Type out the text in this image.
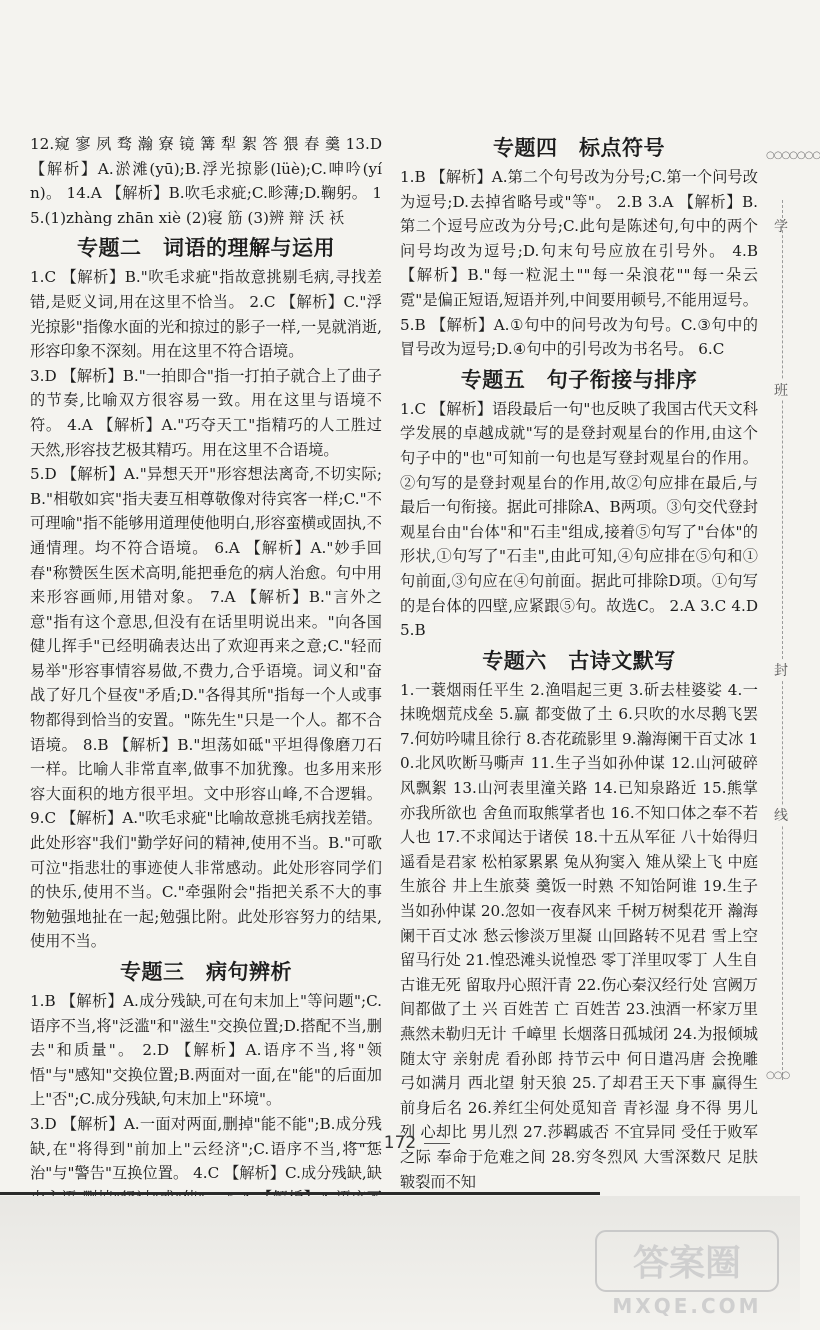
12.窥 寥 夙 骛 瀚 寮 镜 篝 犁 絮 答 猥 春 羹 13.D 【解析】A.淤滩(yū);B.浮光掠影(lüè);C.呻吟(yín)。 14.A 【解析】B.吹毛求疵;C.畛薄;D.鞠躬。 15.(1)zhàng zhān xiè (2)寝 筋 (3)辨 辩 沃 袄

专题二　词语的理解与运用

1.C 【解析】B."吹毛求疵"指故意挑剔毛病,寻找差错,是贬义词,用在这里不恰当。 2.C 【解析】C."浮光掠影"指像水面的光和掠过的影子一样,一晃就消逝,形容印象不深刻。用在这里不符合语境。

3.D 【解析】B."一拍即合"指一打拍子就合上了曲子的节奏,比喻双方很容易一致。用在这里与语境不符。 4.A 【解析】A."巧夺天工"指精巧的人工胜过天然,形容技艺极其精巧。用在这里不合语境。

5.D 【解析】A."异想天开"形容想法离奇,不切实际;B."相敬如宾"指夫妻互相尊敬像对待宾客一样;C."不可理喻"指不能够用道理使他明白,形容蛮横或固执,不通情理。均不符合语境。 6.A 【解析】A."妙手回春"称赞医生医术高明,能把垂危的病人治愈。句中用来形容画师,用错对象。 7.A 【解析】B."言外之意"指有这个意思,但没有在话里明说出来。"向各国健儿挥手"已经明确表达出了欢迎再来之意;C."轻而易举"形容事情容易做,不费力,合乎语境。词义和"奋战了好几个昼夜"矛盾;D."各得其所"指每一个人或事物都得到恰当的安置。"陈先生"只是一个人。都不合语境。 8.B 【解析】B."坦荡如砥"平坦得像磨刀石一样。比喻人非常直率,做事不加犹豫。也多用来形容大面积的地方很平坦。文中形容山峰,不合逻辑。 9.C 【解析】A."吹毛求疵"比喻故意挑毛病找差错。此处形容"我们"勤学好问的精神,使用不当。B."可歌可泣"指悲壮的事迹使人非常感动。此处形容同学们的快乐,使用不当。C."牵强附会"指把关系不大的事物勉强地扯在一起;勉强比附。此处形容努力的结果,使用不当。

专题三　病句辨析

1.B 【解析】A.成分残缺,可在句末加上"等问题";C.语序不当,将"泛滥"和"滋生"交换位置;D.搭配不当,删去"和质量"。 2.D 【解析】A.语序不当,将"领悟"与"感知"交换位置;B.两面对一面,在"能"的后面加上"否";C.成分残缺,句末加上"环境"。

3.D 【解析】A.一面对两面,删掉"能不能";B.成分残缺,在"将得到"前加上"云经济";C.语序不当,将"惩治"与"警告"互换位置。 4.C 【解析】C.成分残缺,缺

专题四　标点符号

1.B 【解析】A.第二个句号改为分号;C.第一个问号改为逗号;D.去掉省略号或"等"。 2.B 3.A 【解析】B.第二个逗号应改为分号;C.此句是陈述句,句中的两个问号均改为逗号;D.句末句号应放在引号外。 4.B 【解析】B."每一粒泥土""每一朵浪花""每一朵云霓"是偏正短语,短语并列,中间要用顿号,不能用逗号。 5.B 【解析】A.①句中的问号改为句号。C.③句中的冒号改为逗号;D.④句中的引号改为书名号。 6.C

专题五　句子衔接与排序

1.C 【解析】语段最后一句"也反映了我国古代天文科学发展的卓越成就"写的是登封观星台的作用,由这个句子中的"也"可知前一句也是写登封观星台的作用。②句写的是登封观星台的作用,故②句应排在最后,与最后一句衔接。据此可排除A、B两项。③句交代登封观星台由"台体"和"石圭"组成,接着⑤句写了"台体"的形状,①句写了"石圭",由此可知,④句应排在⑤句和①句前面,③句应在④句前面。据此可排除D项。①句写的是台体的四壁,应紧跟⑤句。故选C。 2.A 3.C 4.D 5.B

专题六　古诗文默写

1.一蓑烟雨任平生 2.渔唱起三更 3.斫去桂婆娑 4.一抹晚烟荒戍垒 5.赢 都变做了土 6.只吹的水尽鹅飞罢 7.何妨吟啸且徐行 8.杏花疏影里 9.瀚海阑干百丈冰 10.北风吹断马嘶声 11.生子当如孙仲谋 12.山河破碎风飘絮 13.山河表里潼关路 14.已知泉路近 15.熊掌 亦我所欲也 舍鱼而取熊掌者也 16.不知口体之奉不若人也 17.不求闻达于诸侯 18.十五从军征 八十始得归 遥看是君家 松柏冢累累 兔从狗窦入 雉从梁上飞 中庭生旅谷 井上生旅葵 羹饭一时熟 不知饴阿谁 19.生子当如孙仲谋 20.忽如一夜春风来 千树万树梨花开 瀚海阑干百丈冰 愁云惨淡万里凝 山回路转不见君 雪上空留马行处 21.惶恐滩头说惶恐 零丁洋里叹零丁 人生自古谁无死 留取丹心照汗青 22.伤心秦汉经行处 宫阙万间都做了土 兴 百姓苦 亡 百姓苦 23.浊酒一杯家万里 燕然未勒归无计 千嶂里 长烟落日孤城闭 24.为报倾城随太守 亲射虎 看孙郎 持节云中 何日遣冯唐 会挽雕弓如满月 西北望 射天狼 25.了却君王天下事 赢得生前身后名 26.养红尘何处觅知音 青衫湿 身不得 男儿列 心却比 男儿烈 27.莎羁戚否 不宜异同 受任于败军之际 奉命于危难之间 28.穷冬烈风 大雪深数尺 足肤皲裂而不知

○○○○○○○
学
班
封
线
○○○
172
答案圈
MXQE.COM
